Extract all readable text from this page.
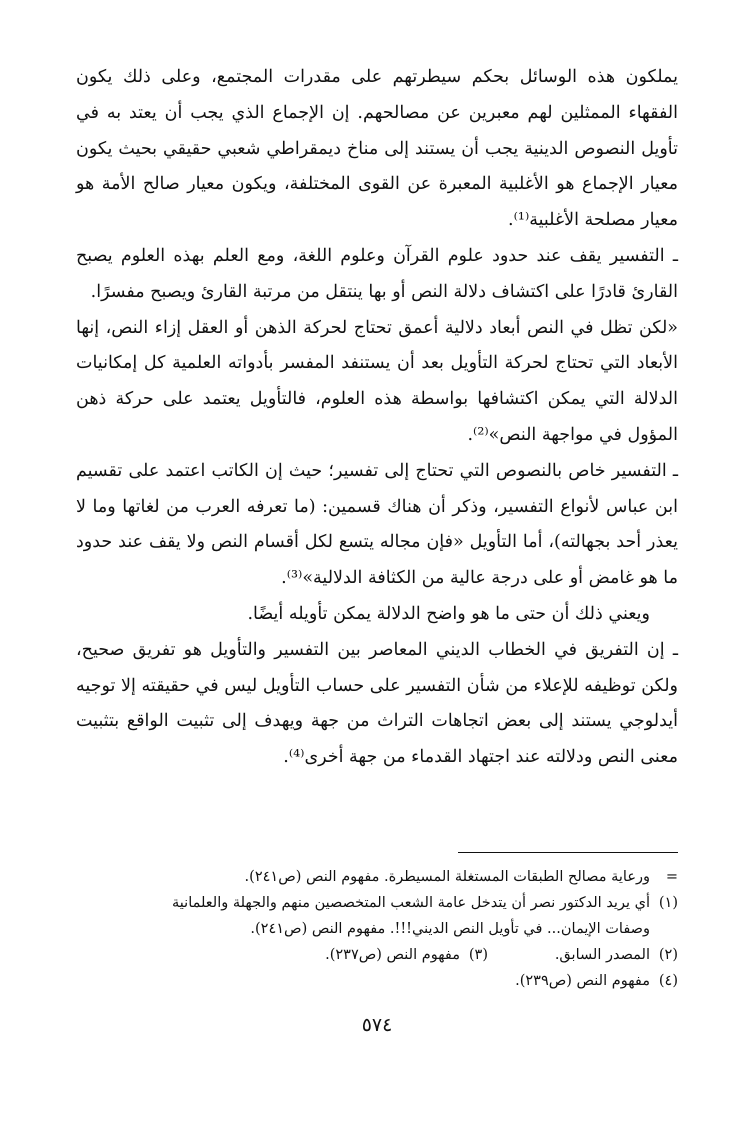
يملكون هذه الوسائل بحكم سيطرتهم على مقدرات المجتمع، وعلى ذلك يكون الفقهاء الممثلين لهم معبرين عن مصالحهم. إن الإجماع الذي يجب أن يعتد به في تأويل النصوص الدينية يجب أن يستند إلى مناخ ديمقراطي شعبي حقيقي بحيث يكون معيار الإجماع هو الأغلبية المعبرة عن القوى المختلفة، ويكون معيار صالح الأمة هو معيار مصلحة الأغلبية⁽¹⁾.

ـ التفسير يقف عند حدود علوم القرآن وعلوم اللغة، ومع العلم بهذه العلوم يصبح القارئ قادرًا على اكتشاف دلالة النص أو بها ينتقل من مرتبة القارئ ويصبح مفسرًا.

«لكن تظل في النص أبعاد دلالية أعمق تحتاج لحركة الذهن أو العقل إزاء النص، إنها الأبعاد التي تحتاج لحركة التأويل بعد أن يستنفد المفسر بأدواته العلمية كل إمكانيات الدلالة التي يمكن اكتشافها بواسطة هذه العلوم، فالتأويل يعتمد على حركة ذهن المؤول في مواجهة النص»⁽²⁾.

ـ التفسير خاص بالنصوص التي تحتاج إلى تفسير؛ حيث إن الكاتب اعتمد على تقسيم ابن عباس لأنواع التفسير، وذكر أن هناك قسمين: (ما تعرفه العرب من لغاتها وما لا يعذر أحد بجهالته)، أما التأويل «فإن مجاله يتسع لكل أقسام النص ولا يقف عند حدود ما هو غامض أو على درجة عالية من الكثافة الدلالية»⁽³⁾.

ويعني ذلك أن حتى ما هو واضح الدلالة يمكن تأويله أيضًا.

ـ إن التفريق في الخطاب الديني المعاصر بين التفسير والتأويل هو تفريق صحيح، ولكن توظيفه للإعلاء من شأن التفسير على حساب التأويل ليس في حقيقته إلا توجيه أيدلوجي يستند إلى بعض اتجاهات التراث من جهة ويهدف إلى تثبيت الواقع بتثبيت معنى النص ودلالته عند اجتهاد القدماء من جهة أخرى⁽⁴⁾.

=
ورعاية مصالح الطبقات المستغلة المسيطرة. مفهوم النص (ص٢٤١).
(١)
أي يريد الدكتور نصر أن يتدخل عامة الشعب المتخصصين منهم والجهلة والعلمانية
وصفات الإيمان... في تأويل النص الديني!!!. مفهوم النص (ص٢٤١).
(٢)
المصدر السابق.
(٣)
مفهوم النص (ص٢٣٧).
(٤)
مفهوم النص (ص٢٣٩).
٥٧٤
